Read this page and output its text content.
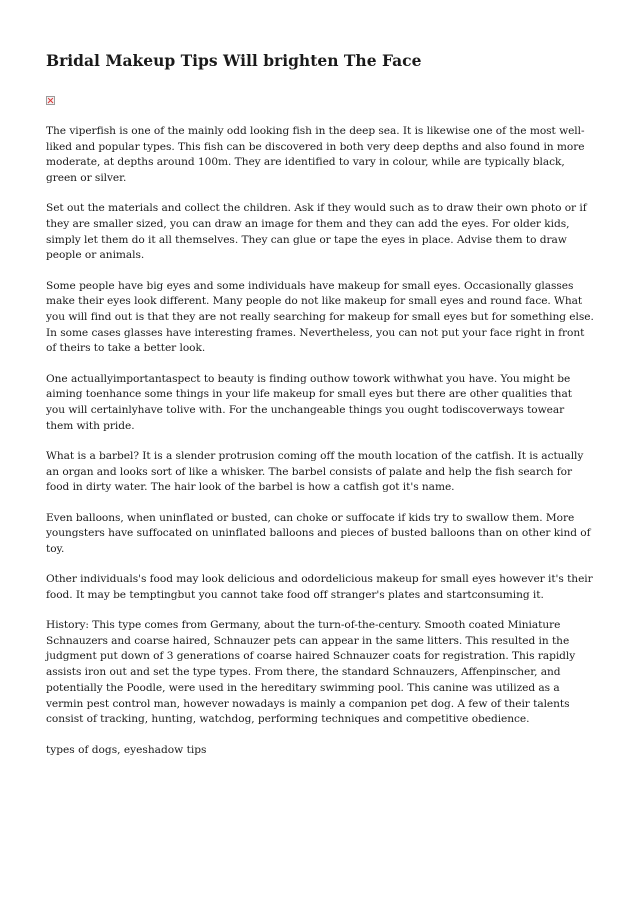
Bridal Makeup Tips Will brighten The Face

The viperfish is one of the mainly odd looking fish in the deep sea. It is likewise one of the most well-liked and popular types. This fish can be discovered in both very deep depths and also found in more moderate, at depths around 100m. They are identified to vary in colour, while are typically black, green or silver.

Set out the materials and collect the children. Ask if they would such as to draw their own photo or if they are smaller sized, you can draw an image for them and they can add the eyes. For older kids, simply let them do it all themselves. They can glue or tape the eyes in place. Advise them to draw people or animals.

Some people have big eyes and some individuals have makeup for small eyes. Occasionally glasses make their eyes look different. Many people do not like makeup for small eyes and round face. What you will find out is that they are not really searching for makeup for small eyes but for something else. In some cases glasses have interesting frames. Nevertheless, you can not put your face right in front of theirs to take a better look.

One actuallyimportantaspect to beauty is finding outhow towork withwhat you have. You might be aiming toenhance some things in your life makeup for small eyes but there are other qualities that you will certainlyhave tolive with. For the unchangeable things you ought todiscoverways towear them with pride.

What is a barbel? It is a slender protrusion coming off the mouth location of the catfish. It is actually an organ and looks sort of like a whisker. The barbel consists of palate and help the fish search for food in dirty water. The hair look of the barbel is how a catfish got it's name.

Even balloons, when uninflated or busted, can choke or suffocate if kids try to swallow them. More youngsters have suffocated on uninflated balloons and pieces of busted balloons than on other kind of toy.

Other individuals's food may look delicious and odordelicious makeup for small eyes however it's their food. It may be temptingbut you cannot take food off stranger's plates and startconsuming it.

History: This type comes from Germany, about the turn-of-the-century. Smooth coated Miniature Schnauzers and coarse haired, Schnauzer pets can appear in the same litters. This resulted in the judgment put down of 3 generations of coarse haired Schnauzer coats for registration. This rapidly assists iron out and set the type types. From there, the standard Schnauzers, Affenpinscher, and potentially the Poodle, were used in the hereditary swimming pool. This canine was utilized as a vermin pest control man, however nowadays is mainly a companion pet dog. A few of their talents consist of tracking, hunting, watchdog, performing techniques and competitive obedience.

types of dogs, eyeshadow tips
